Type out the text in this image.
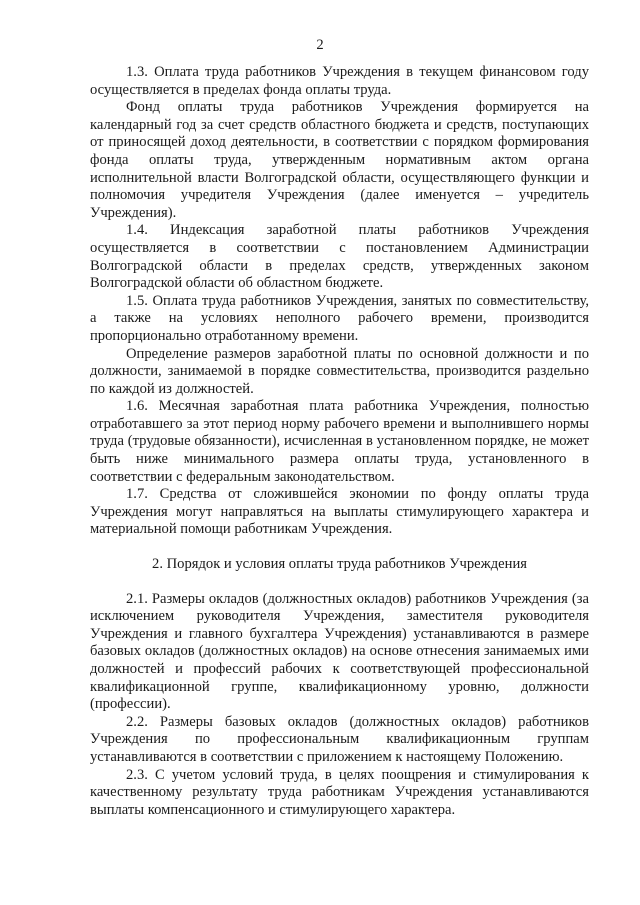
2

1.3. Оплата труда работников Учреждения в текущем финансовом году осуществляется в пределах фонда оплаты труда.

Фонд оплаты труда работников Учреждения формируется на календарный год за счет средств областного бюджета и средств, поступающих от приносящей доход деятельности, в соответствии с порядком формирования фонда оплаты труда, утвержденным нормативным актом органа исполнительной власти Волгоградской области, осуществляющего функции и полномочия учредителя Учреждения (далее именуется – учредитель Учреждения).

1.4. Индексация заработной платы работников Учреждения осуществляется в соответствии с постановлением Администрации Волгоградской области в пределах средств, утвержденных законом Волгоградской области об областном бюджете.

1.5. Оплата труда работников Учреждения, занятых по совместительству, а также на условиях неполного рабочего времени, производится пропорционально отработанному времени.

Определение размеров заработной платы по основной должности и по должности, занимаемой в порядке совместительства, производится раздельно по каждой из должностей.

1.6. Месячная заработная плата работника Учреждения, полностью отработавшего за этот период норму рабочего времени и выполнившего нормы труда (трудовые обязанности), исчисленная в установленном порядке, не может быть ниже минимального размера оплаты труда, установленного в соответствии с федеральным законодательством.

1.7. Средства от сложившейся экономии по фонду оплаты труда Учреждения могут направляться на выплаты стимулирующего характера и материальной помощи работникам Учреждения.

2. Порядок и условия оплаты труда работников Учреждения

2.1. Размеры окладов (должностных окладов) работников Учреждения (за исключением руководителя Учреждения, заместителя руководителя Учреждения и главного бухгалтера Учреждения) устанавливаются в размере базовых окладов (должностных окладов) на основе отнесения занимаемых ими должностей и профессий рабочих к соответствующей профессиональной квалификационной группе, квалификационному уровню, должности (профессии).

2.2. Размеры базовых окладов (должностных окладов) работников Учреждения по профессиональным квалификационным группам устанавливаются в соответствии с приложением к настоящему Положению.

2.3. С учетом условий труда, в целях поощрения и стимулирования к качественному результату труда работникам Учреждения устанавливаются выплаты компенсационного и стимулирующего характера.
